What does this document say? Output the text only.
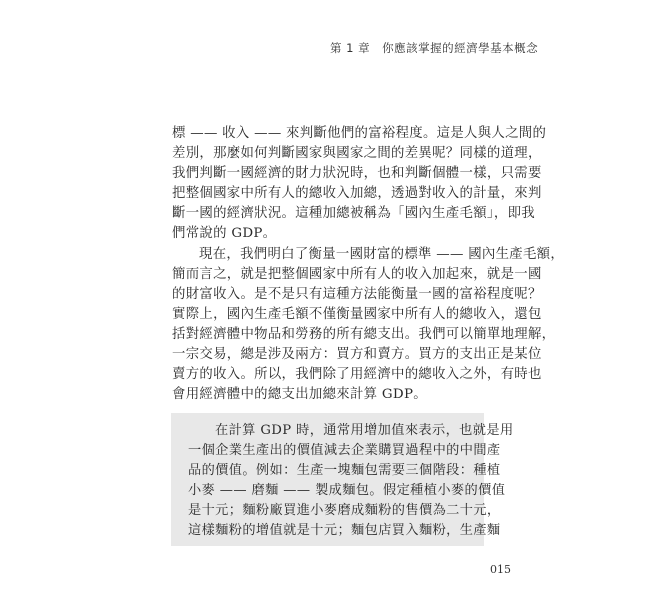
第 1 章　你應該掌握的經濟學基本概念
標 —— 收入 —— 來判斷他們的富裕程度。這是人與人之間的
差別，那麼如何判斷國家與國家之間的差異呢？同樣的道理，
我們判斷一國經濟的財力狀況時，也和判斷個體一樣，只需要
把整個國家中所有人的總收入加總，透過對收入的計量，來判
斷一國的經濟狀況。這種加總被稱為「國內生產毛額」，即我
們常說的 GDP。
現在，我們明白了衡量一國財富的標準 —— 國內生產毛額，
簡而言之，就是把整個國家中所有人的收入加起來，就是一國
的財富收入。是不是只有這種方法能衡量一國的富裕程度呢？
實際上，國內生產毛額不僅衡量國家中所有人的總收入，還包
括對經濟體中物品和勞務的所有總支出。我們可以簡單地理解，
一宗交易，總是涉及兩方：買方和賣方。買方的支出正是某位
賣方的收入。所以，我們除了用經濟中的總收入之外，有時也
會用經濟體中的總支出加總來計算 GDP。
在計算 GDP 時，通常用增加值來表示，也就是用
一個企業生產出的價值減去企業購買過程中的中間產
品的價值。例如：生產一塊麵包需要三個階段：種植
小麥 —— 磨麵 —— 製成麵包。假定種植小麥的價值
是十元；麵粉廠買進小麥磨成麵粉的售價為二十元，
這樣麵粉的增值就是十元；麵包店買入麵粉，生產麵
015
